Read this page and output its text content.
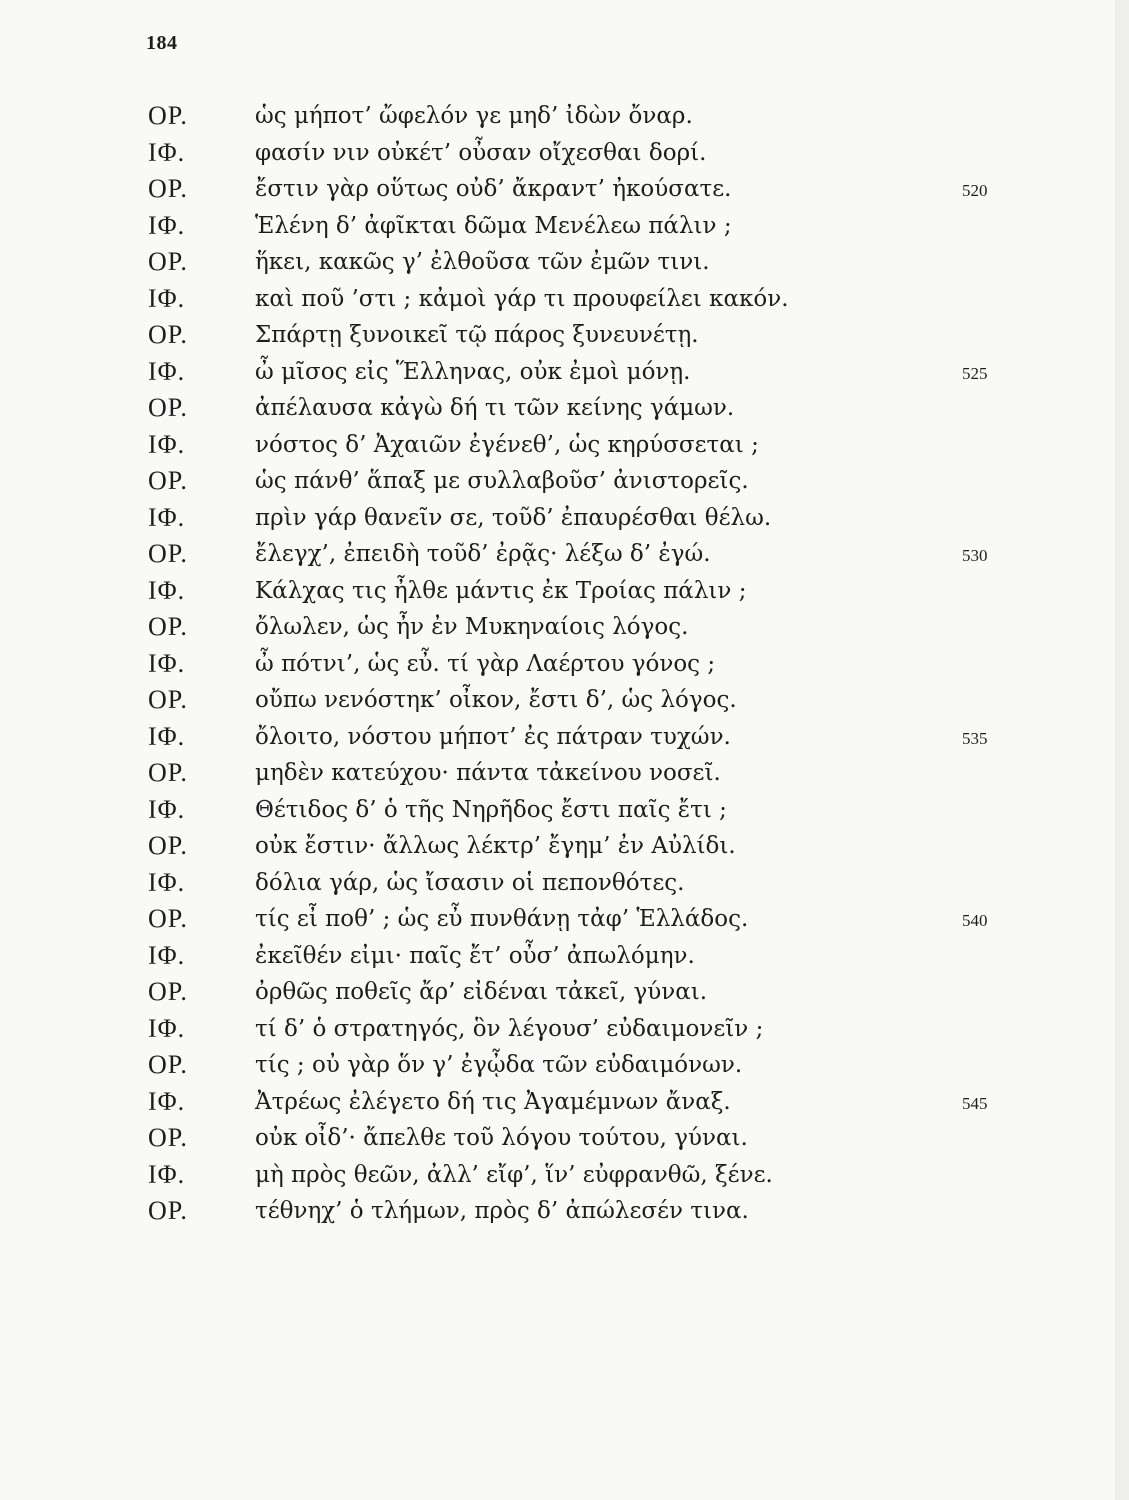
184
ΟΡ.	ὡς μήποτ’ ὤφελόν γε μηδ’ ἰδὼν ὄναρ.
ΙΦ.	φασίν νιν οὐκέτ’ οὖσαν οἴχεσθαι δορί.
ΟΡ.	ἔστιν γὰρ οὕτως οὐδ’ ἄκραντ’ ἠκούσατε.	520
ΙΦ.	Ἑλένη δ’ ἀφῖκται δῶμα Μενέλεω πάλιν ;
ΟΡ.	ἥκει, κακῶς γ’ ἐλθοῦσα τῶν ἐμῶν τινι.
ΙΦ.	καὶ ποῦ ’στι ; κἀμοὶ γάρ τι προυφείλει κακόν.
ΟΡ.	Σπάρτῃ ξυνοικεῖ τῷ πάρος ξυνευνέτῃ.
ΙΦ.	ὦ μῖσος εἰς Ἕλληνας, οὐκ ἐμοὶ μόνῃ.	525
ΟΡ.	ἀπέλαυσα κἀγὼ δή τι τῶν κείνης γάμων.
ΙΦ.	νόστος δ’ Ἀχαιῶν ἐγένεθ’, ὡς κηρύσσεται ;
ΟΡ.	ὡς πάνθ’ ἅπαξ με συλλαβοῦσ’ ἀνιστορεῖς.
ΙΦ.	πρὶν γάρ θανεῖν σε, τοῦδ’ ἐπαυρέσθαι θέλω.
ΟΡ.	ἔλεγχ’, ἐπειδὴ τοῦδ’ ἐρᾷς· λέξω δ’ ἐγώ.	530
ΙΦ.	Κάλχας τις ἦλθε μάντις ἐκ Τροίας πάλιν ;
ΟΡ.	ὄλωλεν, ὡς ἦν ἐν Μυκηναίοις λόγος.
ΙΦ.	ὦ πότνι’, ὡς εὖ. τί γὰρ Λαέρτου γόνος ;
ΟΡ.	οὔπω νενόστηκ’ οἶκον, ἔστι δ’, ὡς λόγος.
ΙΦ.	ὄλοιτο, νόστου μήποτ’ ἐς πάτραν τυχών.	535
ΟΡ.	μηδὲν κατεύχου· πάντα τἀκείνου νοσεῖ.
ΙΦ.	Θέτιδος δ’ ὁ τῆς Νηρῆδος ἔστι παῖς ἔτι ;
ΟΡ.	οὐκ ἔστιν· ἄλλως λέκτρ’ ἔγημ’ ἐν Αὐλίδι.
ΙΦ.	δόλια γάρ, ὡς ἴσασιν οἱ πεπονθότες.
ΟΡ.	τίς εἶ ποθ’ ; ὡς εὖ πυνθάνῃ τἀφ’ Ἑλλάδος.	540
ΙΦ.	ἐκεῖθέν εἰμι· παῖς ἔτ’ οὖσ’ ἀπωλόμην.
ΟΡ.	ὀρθῶς ποθεῖς ἄρ’ εἰδέναι τἀκεῖ, γύναι.
ΙΦ.	τί δ’ ὁ στρατηγός, ὃν λέγουσ’ εὐδαιμονεῖν ;
ΟΡ.	τίς ; οὐ γὰρ ὅν γ’ ἐγᾦδα τῶν εὐδαιμόνων.
ΙΦ.	Ἀτρέως ἐλέγετο δή τις Ἀγαμέμνων ἄναξ.	545
ΟΡ.	οὐκ οἶδ’· ἄπελθε τοῦ λόγου τούτου, γύναι.
ΙΦ.	μὴ πρὸς θεῶν, ἀλλ’ εἴφ’, ἵν’ εὐφρανθῶ, ξένε.
ΟΡ.	τέθνηχ’ ὁ τλήμων, πρὸς δ’ ἀπώλεσέν τινα.
